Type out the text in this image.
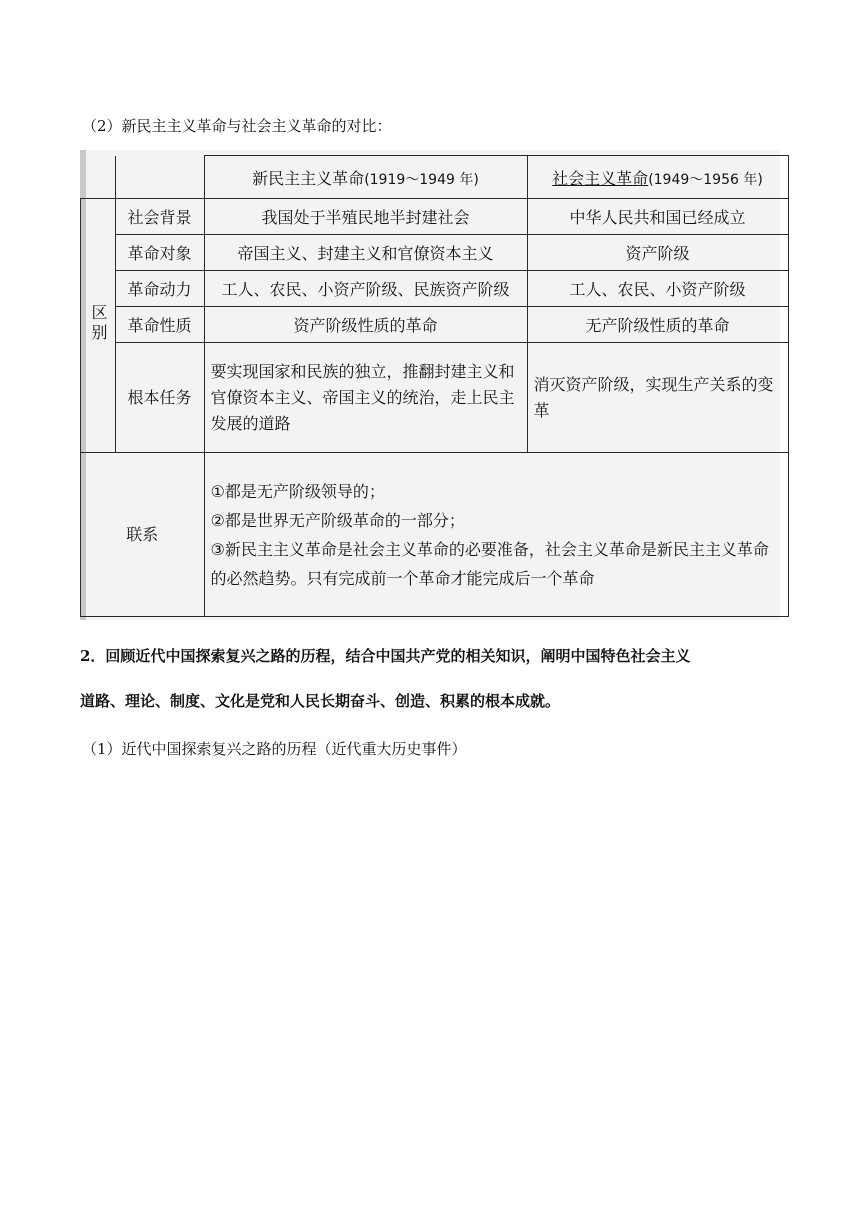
（2）新民主主义革命与社会主义革命的对比：
		新民主主义革命(1919～1949 年)	社会主义革命(1949～1956 年)
区别	社会背景	我国处于半殖民地半封建社会	中华人民共和国已经成立
	革命对象	帝国主义、封建主义和官僚资本主义	资产阶级
	革命动力	工人、农民、小资产阶级、民族资产阶级	工人、农民、小资产阶级
	革命性质	资产阶级性质的革命	无产阶级性质的革命
	根本任务	要实现国家和民族的独立，推翻封建主义和官僚资本主义、帝国主义的统治，走上民主发展的道路	消灭资产阶级，实现生产关系的变革
联系		①都是无产阶级领导的；
②都是世界无产阶级革命的一部分；
③新民主主义革命是社会主义革命的必要准备，社会主义革命是新民主主义革命的必然趋势。只有完成前一个革命才能完成后一个革命	
2．回顾近代中国探索复兴之路的历程，结合中国共产党的相关知识，阐明中国特色社会主义
道路、理论、制度、文化是党和人民长期奋斗、创造、积累的根本成就。
（1）近代中国探索复兴之路的历程（近代重大历史事件）
